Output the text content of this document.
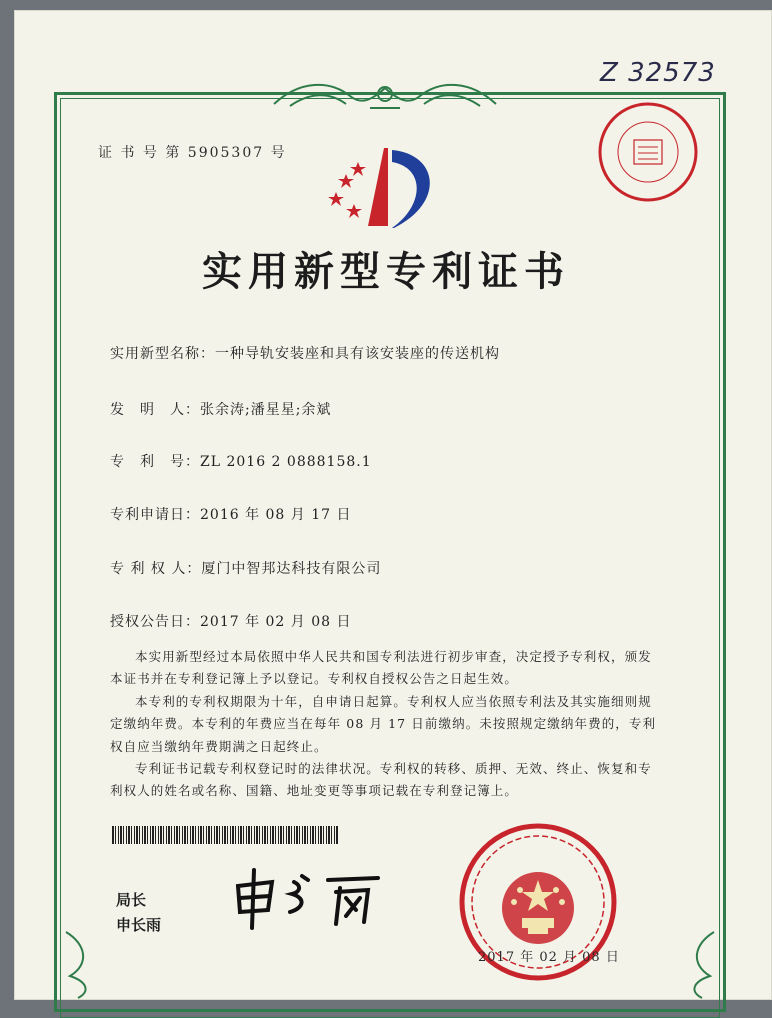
Z 32573
证 书 号 第 5905307 号
实用新型专利证书
实用新型名称：一种导轨安装座和具有该安装座的传送机构
发　明　人：张余涛;潘星星;余斌
专　利　号：ZL 2016 2 0888158.1
专利申请日：2016 年 08 月 17 日
专 利 权 人：厦门中智邦达科技有限公司
授权公告日：2017 年 02 月 08 日

本实用新型经过本局依照中华人民共和国专利法进行初步审查，决定授予专利权，颁发本证书并在专利登记簿上予以登记。专利权自授权公告之日起生效。

本专利的专利权期限为十年，自申请日起算。专利权人应当依照专利法及其实施细则规定缴纳年费。本专利的年费应当在每年 08 月 17 日前缴纳。未按照规定缴纳年费的，专利权自应当缴纳年费期满之日起终止。

专利证书记载专利权登记时的法律状况。专利权的转移、质押、无效、终止、恢复和专利权人的姓名或名称、国籍、地址变更等事项记载在专利登记簿上。

局长
申长雨
2017 年 02 月 08 日
